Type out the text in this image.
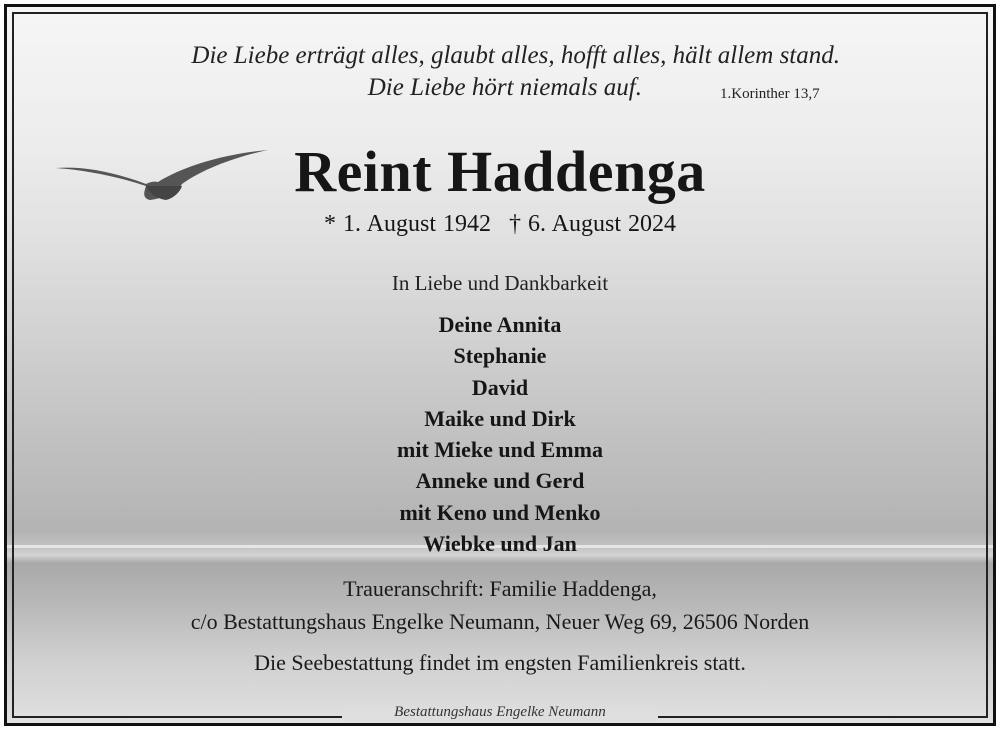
Die Liebe erträgt alles, glaubt alles, hofft alles, hält allem stand.
Die Liebe hört niemals auf.	1.Korinther 13,7
Reint Haddenga
* 1. August 1942 † 6. August 2024
In Liebe und Dankbarkeit
Deine Annita
Stephanie
David
Maike und Dirk
mit Mieke und Emma
Anneke und Gerd
mit Keno und Menko
Wiebke und Jan
Traueranschrift: Familie Haddenga,
c/o Bestattungshaus Engelke Neumann, Neuer Weg 69, 26506 Norden
Die Seebestattung findet im engsten Familienkreis statt.
Bestattungshaus Engelke Neumann
